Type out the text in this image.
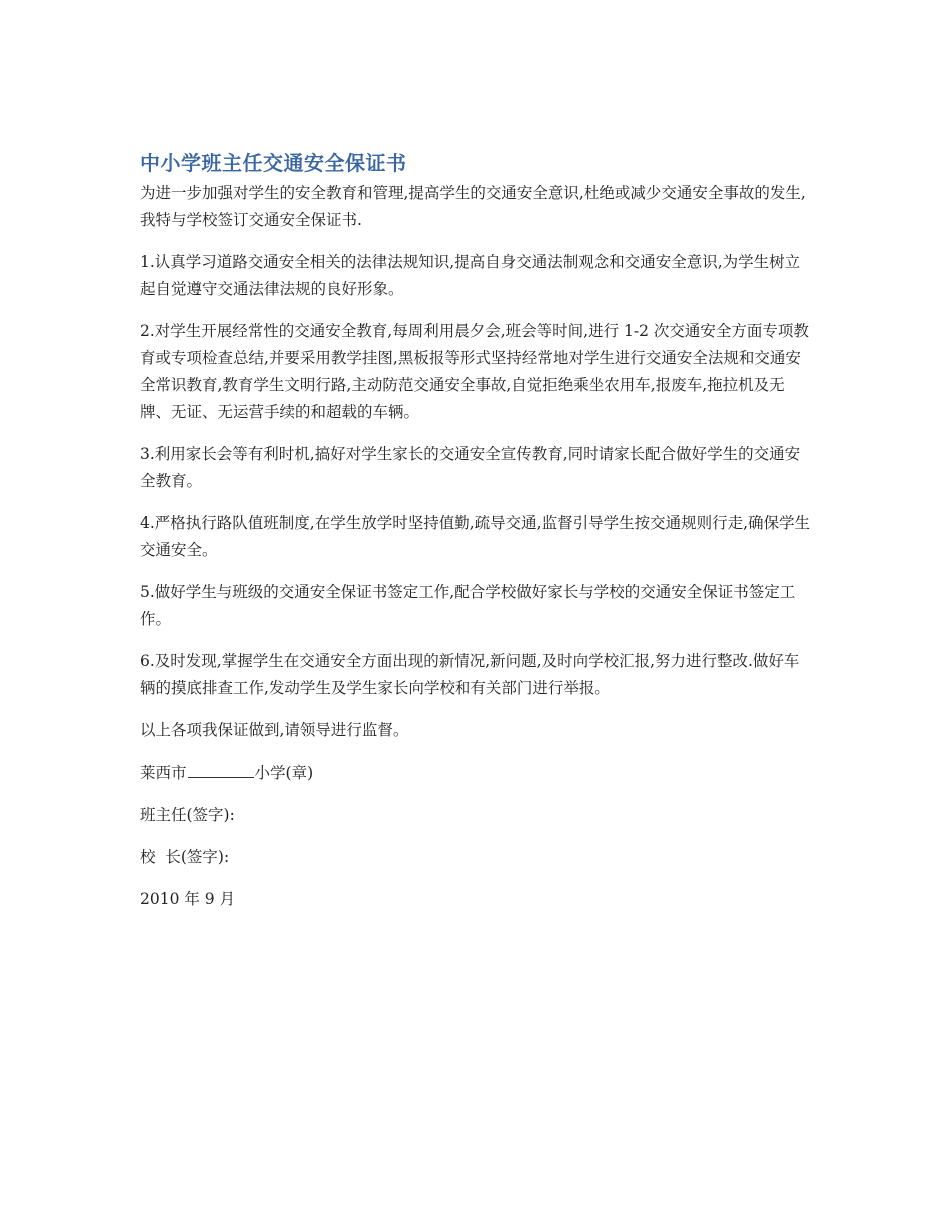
中小学班主任交通安全保证书

为进一步加强对学生的安全教育和管理,提高学生的交通安全意识,杜绝或减少交通安全事故的发生,我特与学校签订交通安全保证书.

1.认真学习道路交通安全相关的法律法规知识,提高自身交通法制观念和交通安全意识,为学生树立起自觉遵守交通法律法规的良好形象。

2.对学生开展经常性的交通安全教育,每周利用晨夕会,班会等时间,进行 1-2 次交通安全方面专项教育或专项检查总结,并要采用教学挂图,黑板报等形式坚持经常地对学生进行交通安全法规和交通安全常识教育,教育学生文明行路,主动防范交通安全事故,自觉拒绝乘坐农用车,报废车,拖拉机及无牌、无证、无运营手续的和超载的车辆。

3.利用家长会等有利时机,搞好对学生家长的交通安全宣传教育,同时请家长配合做好学生的交通安全教育。

4.严格执行路队值班制度,在学生放学时坚持值勤,疏导交通,监督引导学生按交通规则行走,确保学生交通安全。

5.做好学生与班级的交通安全保证书签定工作,配合学校做好家长与学校的交通安全保证书签定工作。

6.及时发现,掌握学生在交通安全方面出现的新情况,新问题,及时向学校汇报,努力进行整改.做好车辆的摸底排查工作,发动学生及学生家长向学校和有关部门进行举报。

以上各项我保证做到,请领导进行监督。

莱西市	小学(章)

班主任(签字):

校  长(签字):

2010 年 9 月
